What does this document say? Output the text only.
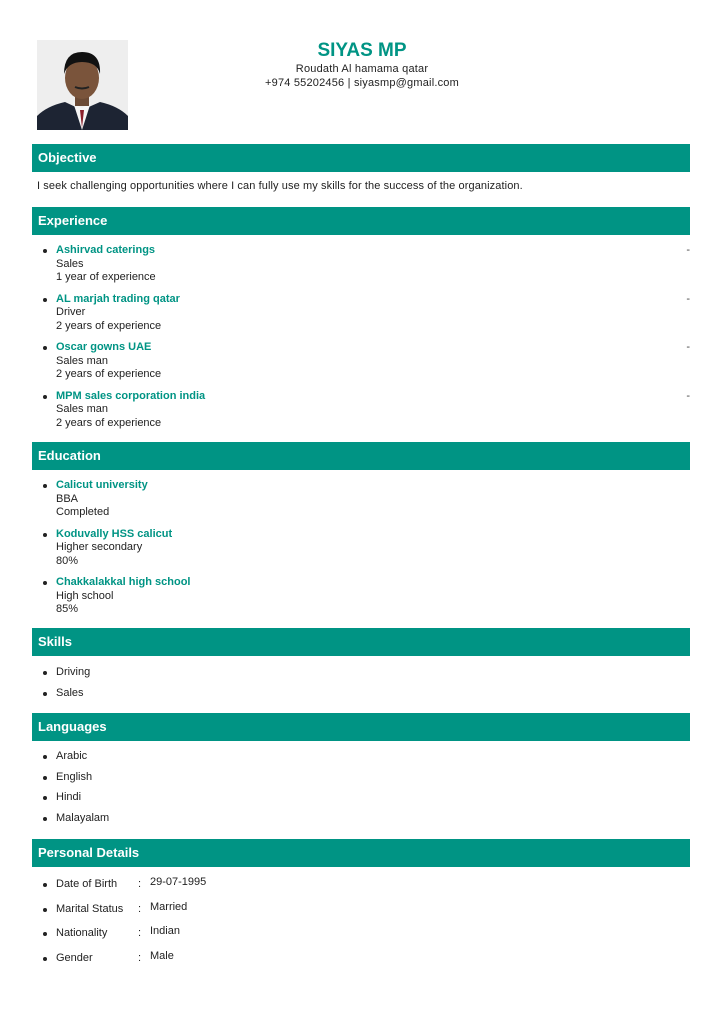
SIYAS MP
Roudath Al hamama qatar
+974 55202456 | siyasmp@gmail.com
Objective
I seek challenging opportunities where I can fully use my skills for the success of the organization.
Experience
Ashirvad caterings	-
Sales
1 year of experience
AL marjah trading qatar	-
Driver
2 years of experience
Oscar gowns UAE	-
Sales man
2 years of experience
MPM sales corporation india	-
Sales man
2 years of experience
Education
Calicut university
BBA
Completed
Koduvally HSS calicut
Higher secondary
80%
Chakkalakkal high school
High school
85%
Skills
Driving
Sales
Languages
Arabic
English
Hindi
Malayalam
Personal Details
Date of Birth : 29-07-1995
Marital Status : Married
Nationality	: Indian
Gender	: Male
